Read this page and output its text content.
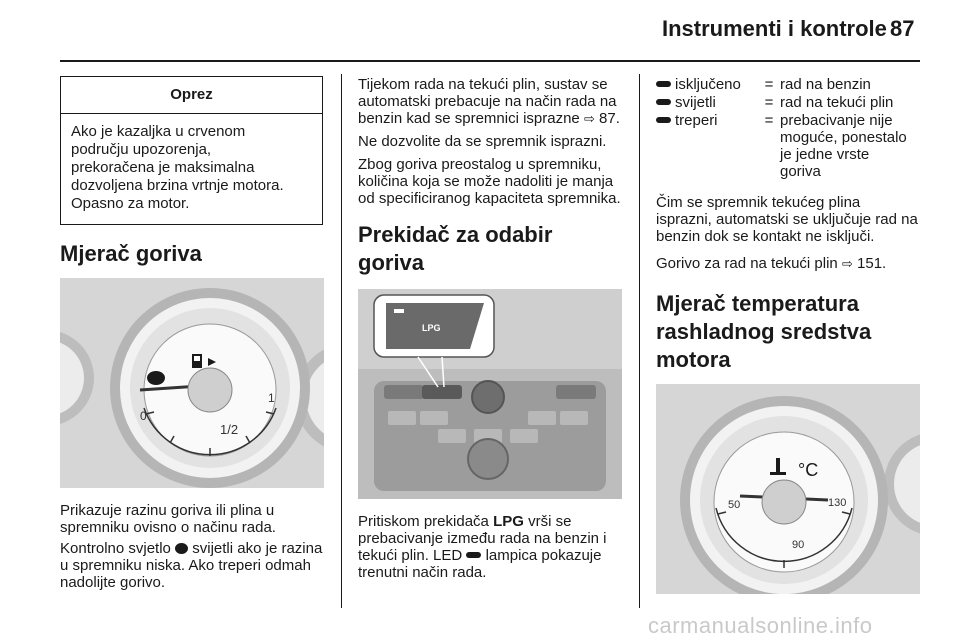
Instrumenti i kontrole 87
Oprez
Ako je kazaljka u crvenom
području upozorenja,
prekoračena je maksimalna
dozvoljena brzina vrtnje motora.
Opasno za motor.
Mjerač goriva
1/2
0
1

Prikazuje razinu goriva ili plina u spremniku ovisno o načinu rada.

Kontrolno svjetlo svijetli ako je razina u spremniku niska. Ako treperi odmah nadolijte gorivo.

Tijekom rada na tekući plin, sustav se automatski prebacuje na način rada na benzin kad se spremnici isprazne ⇨ 87.

Ne dozvolite da se spremnik isprazni.

Zbog goriva preostalog u spremniku, količina koja se može nadoliti je manja od specificiranog kapaciteta spremnika.

Prekidač za odabir goriva
LPG

Pritiskom prekidača LPG vrši se prebacivanje između rada na benzin i tekući plin. LED lampica pokazuje trenutni način rada.

isključeno	= rad na benzin
svijetli	= rad na tekući plin
treperi	= prebacivanje nije
moguće, ponestalo
je jedne vrste
goriva

Čim se spremnik tekućeg plina isprazni, automatski se uključuje rad na benzin dok se kontakt ne isključi.

Gorivo za rad na tekući plin ⇨ 151.

Mjerač temperatura
rashladnog sredstva
motora
°C
50
90
130
carmanualsonline.info
